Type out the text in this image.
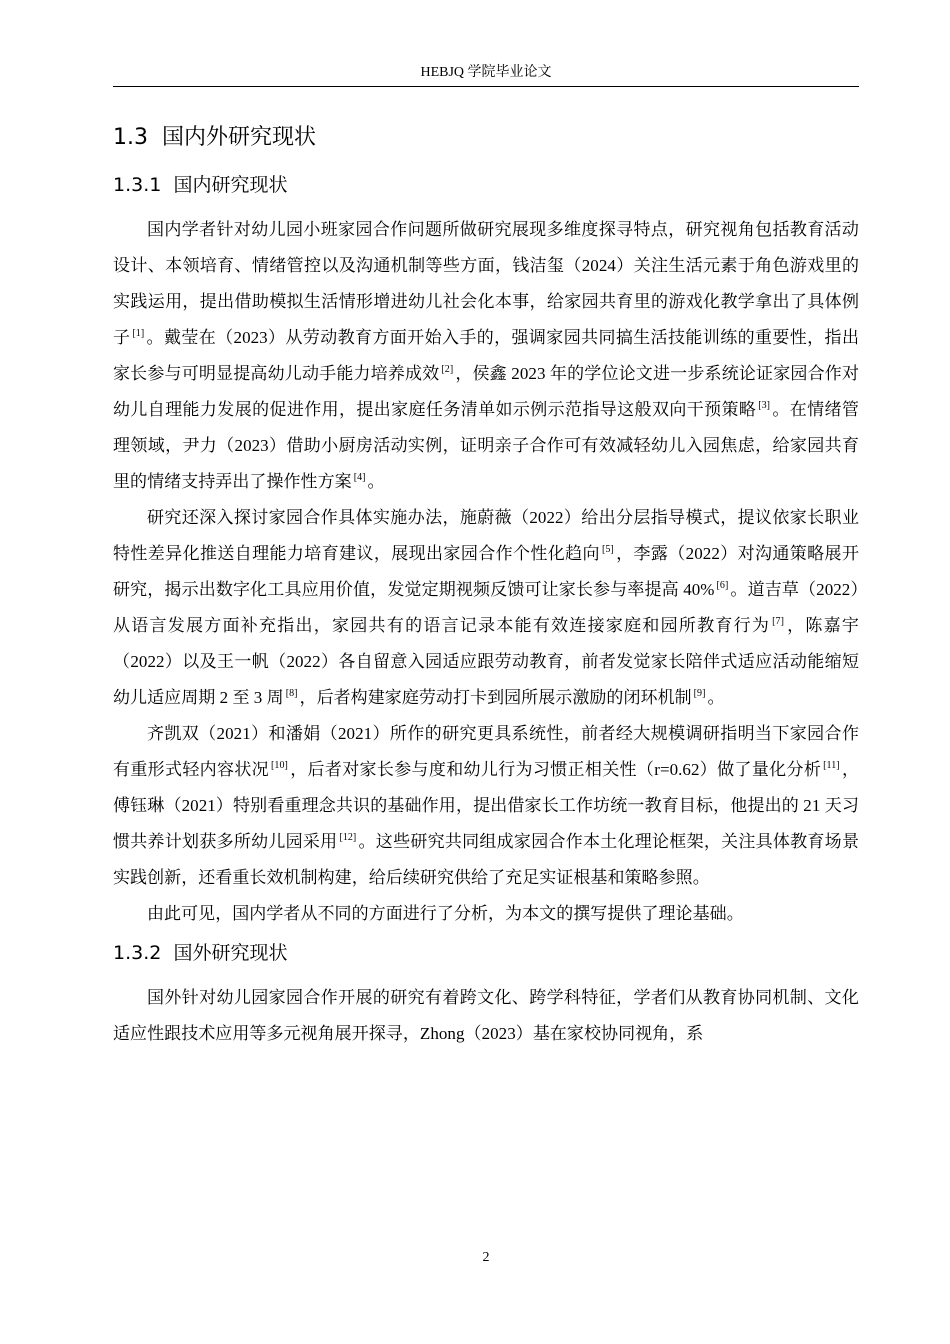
HEBJQ 学院毕业论文
1.3 国内外研究现状
1.3.1 国内研究现状

国内学者针对幼儿园小班家园合作问题所做研究展现多维度探寻特点，研究视角包括教育活动设计、本领培育、情绪管控以及沟通机制等些方面，钱洁玺（2024）关注生活元素于角色游戏里的实践运用，提出借助模拟生活情形增进幼儿社会化本事，给家园共育里的游戏化教学拿出了具体例子 [1] 。戴莹在（2023）从劳动教育方面开始入手的，强调家园共同搞生活技能训练的重要性，指出家长参与可明显提高幼儿动手能力培养成效 [2] ，侯鑫 2023 年的学位论文进一步系统论证家园合作对幼儿自理能力发展的促进作用，提出家庭任务清单如示例示范指导这般双向干预策略 [3] 。在情绪管理领域，尹力（2023）借助小厨房活动实例，证明亲子合作可有效减轻幼儿入园焦虑，给家园共育里的情绪支持弄出了操作性方案 [4] 。

研究还深入探讨家园合作具体实施办法，施蔚薇（2022）给出分层指导模式，提议依家长职业特性差异化推送自理能力培育建议，展现出家园合作个性化趋向 [5] ，李露（2022）对沟通策略展开研究，揭示出数字化工具应用价值，发觉定期视频反馈可让家长参与率提高 40% [6] 。道吉草（2022）从语言发展方面补充指出，家园共有的语言记录本能有效连接家庭和园所教育行为 [7] ，陈嘉宇（2022）以及王一帆（2022）各自留意入园适应跟劳动教育，前者发觉家长陪伴式适应活动能缩短幼儿适应周期 2 至 3 周 [8] ，后者构建家庭劳动打卡到园所展示激励的闭环机制 [9] 。

齐凯双（2021）和潘娟（2021）所作的研究更具系统性，前者经大规模调研指明当下家园合作有重形式轻内容状况 [10] ，后者对家长参与度和幼儿行为习惯正相关性（r=0.62）做了量化分析 [11] ，傅钰琳（2021）特别看重理念共识的基础作用，提出借家长工作坊统一教育目标，他提出的 21 天习惯共养计划获多所幼儿园采用 [12] 。这些研究共同组成家园合作本土化理论框架，关注具体教育场景实践创新，还看重长效机制构建，给后续研究供给了充足实证根基和策略参照。

由此可见，国内学者从不同的方面进行了分析，为本文的撰写提供了理论基础。

1.3.2 国外研究现状

国外针对幼儿园家园合作开展的研究有着跨文化、跨学科特征，学者们从教育协同机制、文化适应性跟技术应用等多元视角展开探寻，Zhong（2023）基在家校协同视角，系

2
